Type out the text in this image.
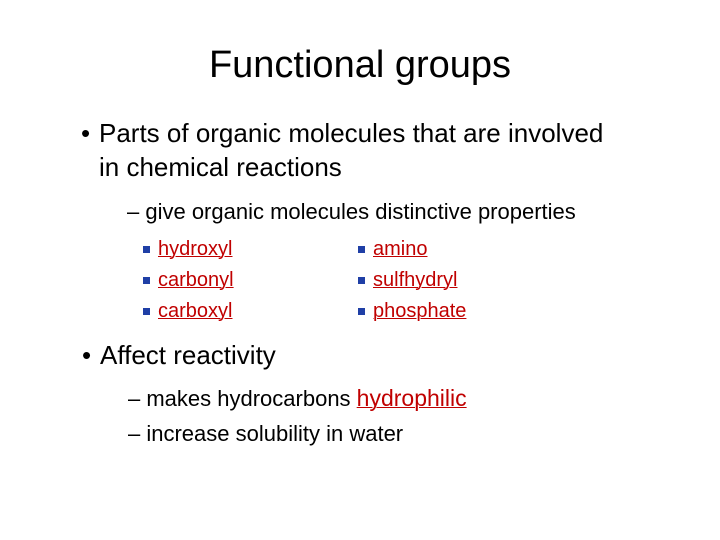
Functional groups
• Parts of organic molecules that are involved
in chemical reactions
– give organic molecules distinctive properties
hydroxyl
carbonyl
carboxyl
amino
sulfhydryl
phosphate
• Affect reactivity
– makes hydrocarbons hydrophilic
– increase solubility in water
